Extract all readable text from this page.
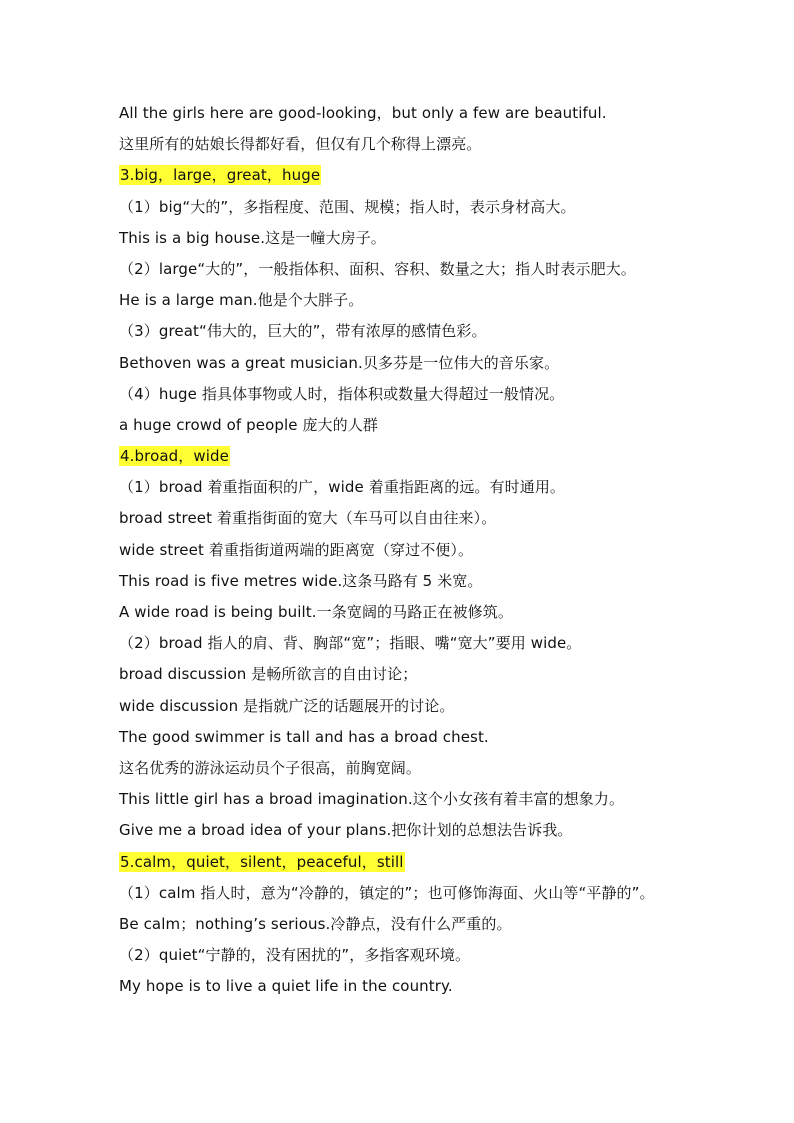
All the girls here are good-looking，but only a few are beautiful.
这里所有的姑娘长得都好看，但仅有几个称得上漂亮。
3.big，large，great，huge
（1）big“大的”，多指程度、范围、规模；指人时，表示身材高大。
This is a big house.这是一幢大房子。
（2）large“大的”，一般指体积、面积、容积、数量之大；指人时表示肥大。
He is a large man.他是个大胖子。
（3）great“伟大的，巨大的”，带有浓厚的感情色彩。
Bethoven was a great musician.贝多芬是一位伟大的音乐家。
（4）huge 指具体事物或人时，指体积或数量大得超过一般情况。
a huge crowd of people 庞大的人群
4.broad，wide
（1）broad 着重指面积的广，wide 着重指距离的远。有时通用。
broad street 着重指街面的宽大（车马可以自由往来）。
wide street 着重指街道两端的距离宽（穿过不便）。
This road is five metres wide.这条马路有 5 米宽。
A wide road is being built.一条宽阔的马路正在被修筑。
（2）broad 指人的肩、背、胸部“宽”；指眼、嘴“宽大”要用 wide。
broad discussion 是畅所欲言的自由讨论；
wide discussion 是指就广泛的话题展开的讨论。
The good swimmer is tall and has a broad chest.
这名优秀的游泳运动员个子很高，前胸宽阔。
This little girl has a broad imagination.这个小女孩有着丰富的想象力。
Give me a broad idea of your plans.把你计划的总想法告诉我。
5.calm，quiet，silent，peaceful，still
（1）calm 指人时，意为“冷静的，镇定的”；也可修饰海面、火山等“平静的”。
Be calm；nothing’s serious.冷静点，没有什么严重的。
（2）quiet“宁静的，没有困扰的”，多指客观环境。
My hope is to live a quiet life in the country.
